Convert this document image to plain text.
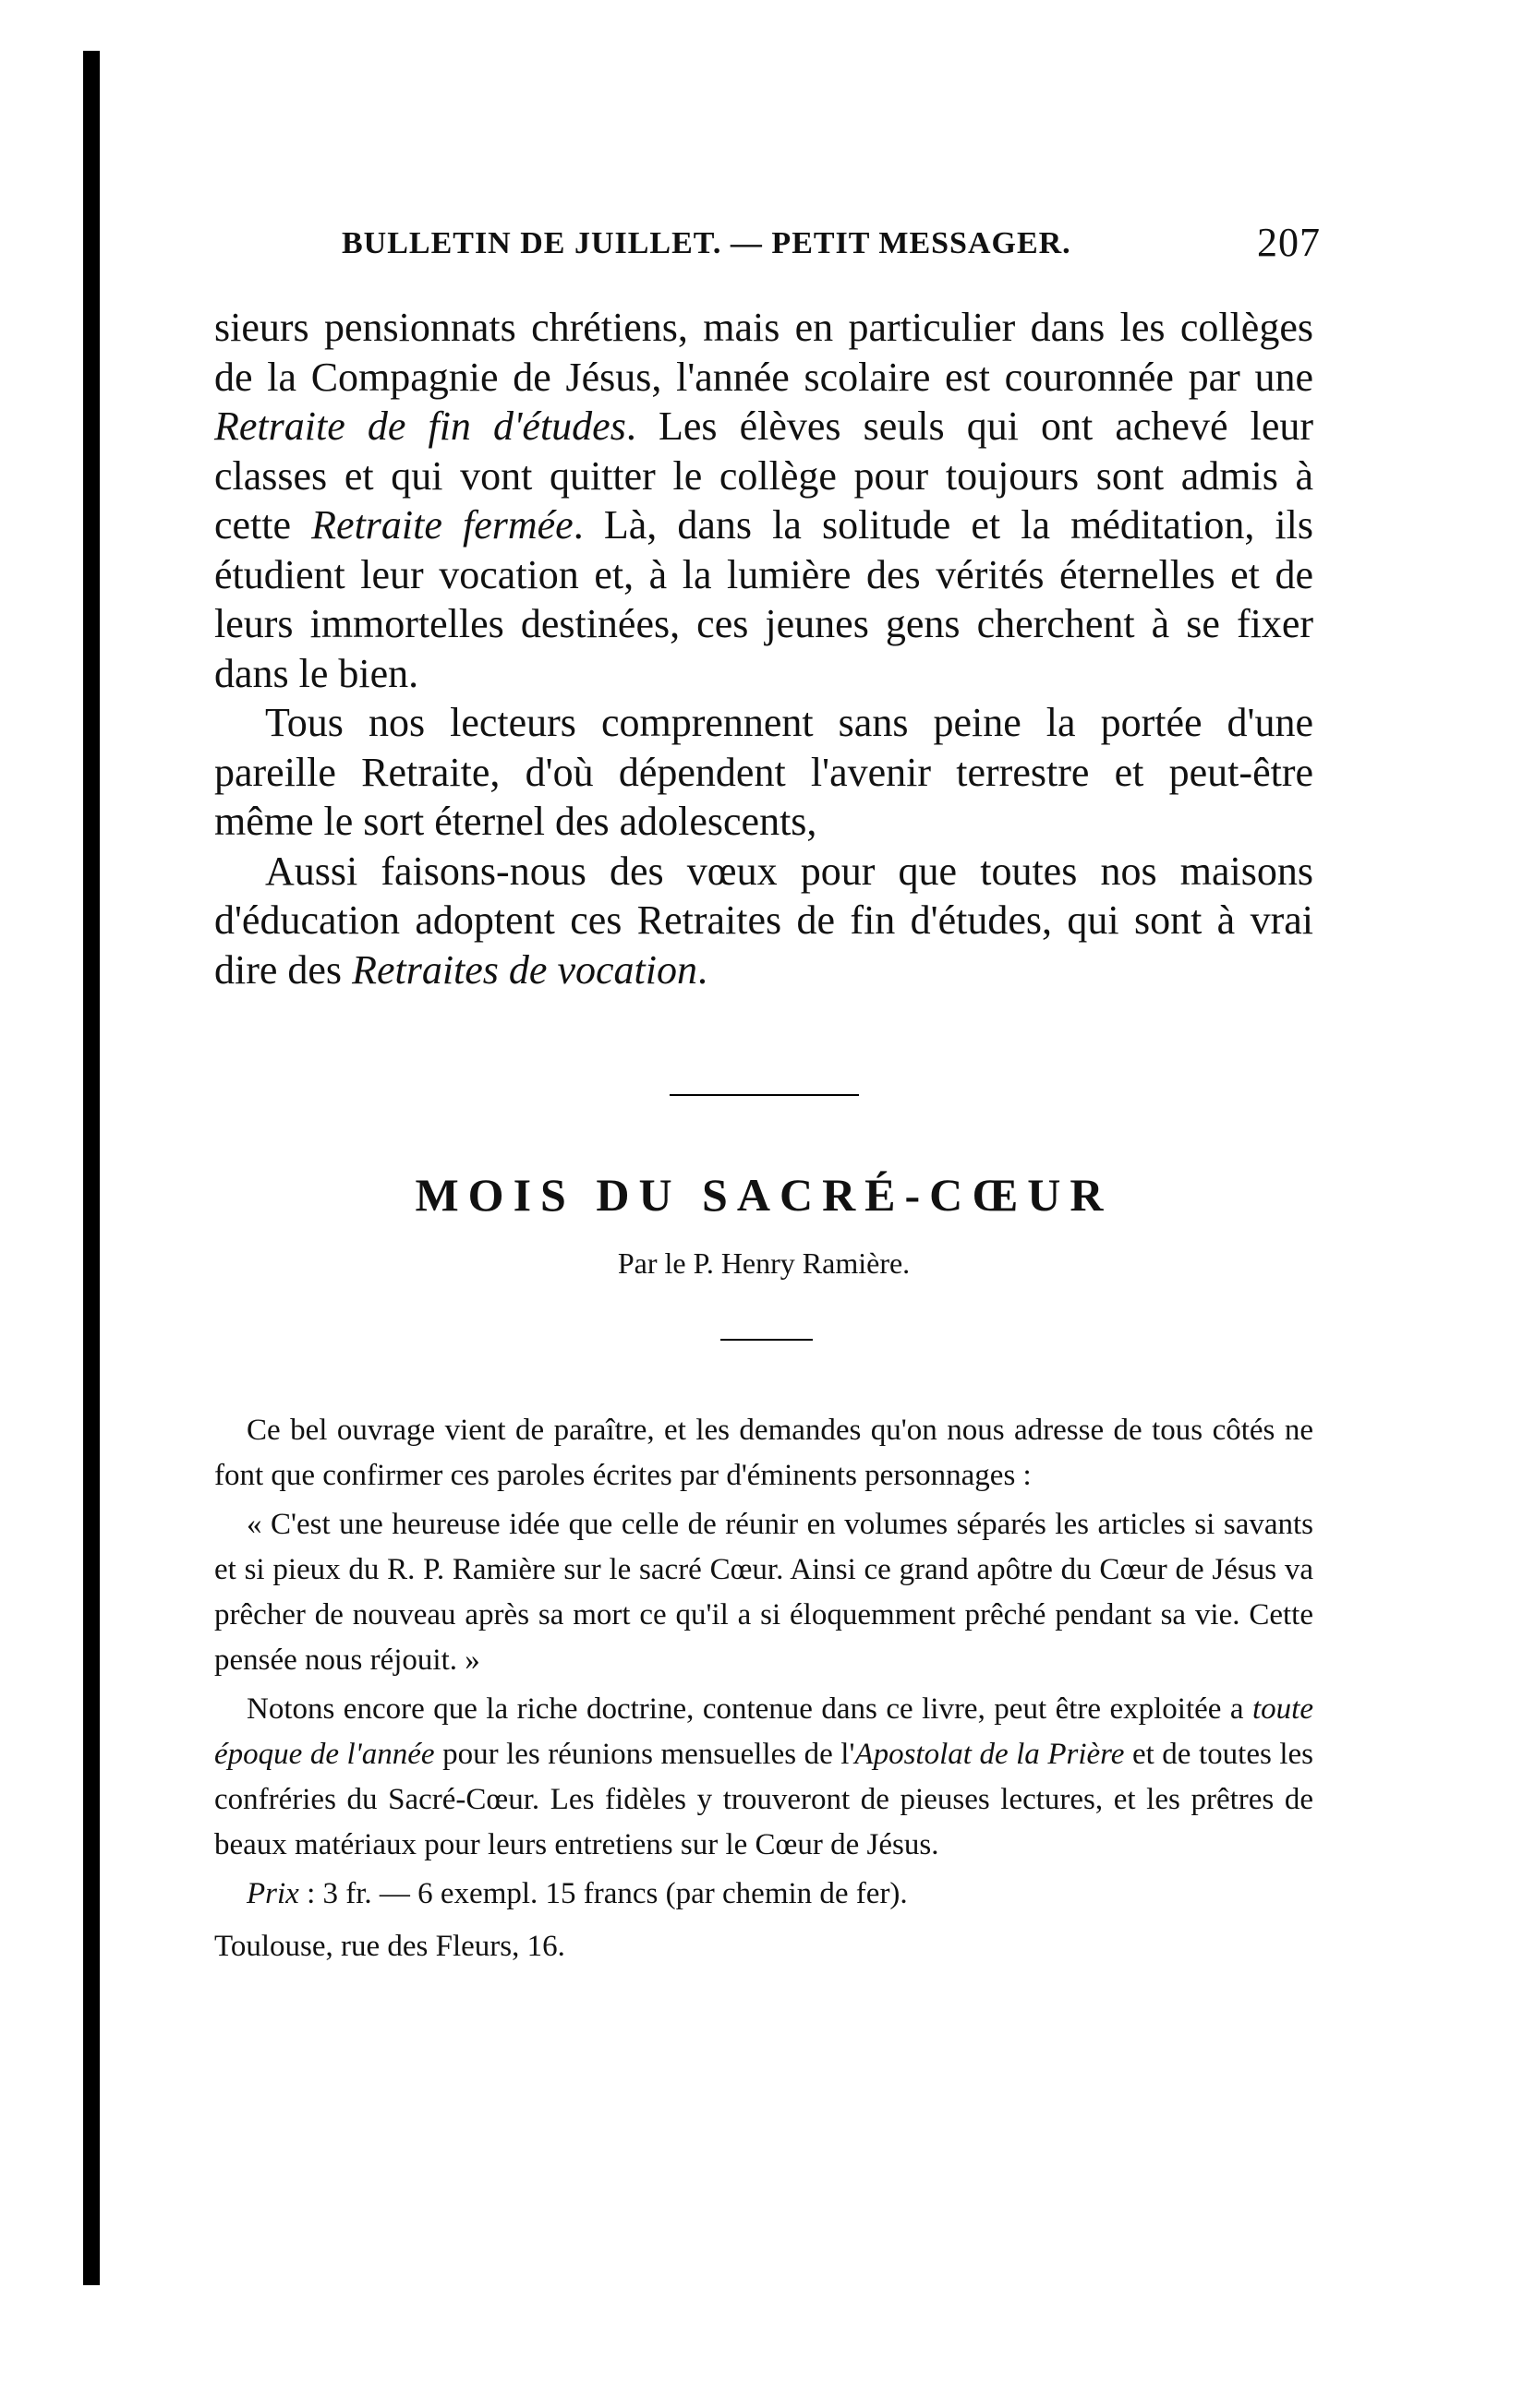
BULLETIN DE JUILLET. — PETIT MESSAGER.	207

sieurs pensionnats chrétiens, mais en particulier dans les collèges de la Compagnie de Jésus, l'année scolaire est couronnée par une Retraite de fin d'études. Les élèves seuls qui ont achevé leur classes et qui vont quitter le collège pour toujours sont admis à cette Retraite fermée. Là, dans la solitude et la méditation, ils étudient leur vocation et, à la lumière des vérités éternelles et de leurs immortelles destinées, ces jeunes gens cherchent à se fixer dans le bien.

Tous nos lecteurs comprennent sans peine la portée d'une pareille Retraite, d'où dépendent l'avenir terrestre et peut-être même le sort éternel des adolescents,

Aussi faisons-nous des vœux pour que toutes nos maisons d'éducation adoptent ces Retraites de fin d'études, qui sont à vrai dire des Retraites de vocation.

MOIS DU SACRÉ-CŒUR
Par le P. Henry Ramière.

Ce bel ouvrage vient de paraître, et les demandes qu'on nous adresse de tous côtés ne font que confirmer ces paroles écrites par d'éminents personnages :

« C'est une heureuse idée que celle de réunir en volumes séparés les articles si savants et si pieux du R. P. Ramière sur le sacré Cœur. Ainsi ce grand apôtre du Cœur de Jésus va prêcher de nouveau après sa mort ce qu'il a si éloquemment prêché pendant sa vie. Cette pensée nous réjouit. »

Notons encore que la riche doctrine, contenue dans ce livre, peut être exploitée a toute époque de l'année pour les réunions mensuelles de l'Apostolat de la Prière et de toutes les confréries du Sacré-Cœur. Les fidèles y trouveront de pieuses lectures, et les prêtres de beaux matériaux pour leurs entretiens sur le Cœur de Jésus.

Prix : 3 fr. — 6 exempl. 15 francs (par chemin de fer).

Toulouse, rue des Fleurs, 16.
